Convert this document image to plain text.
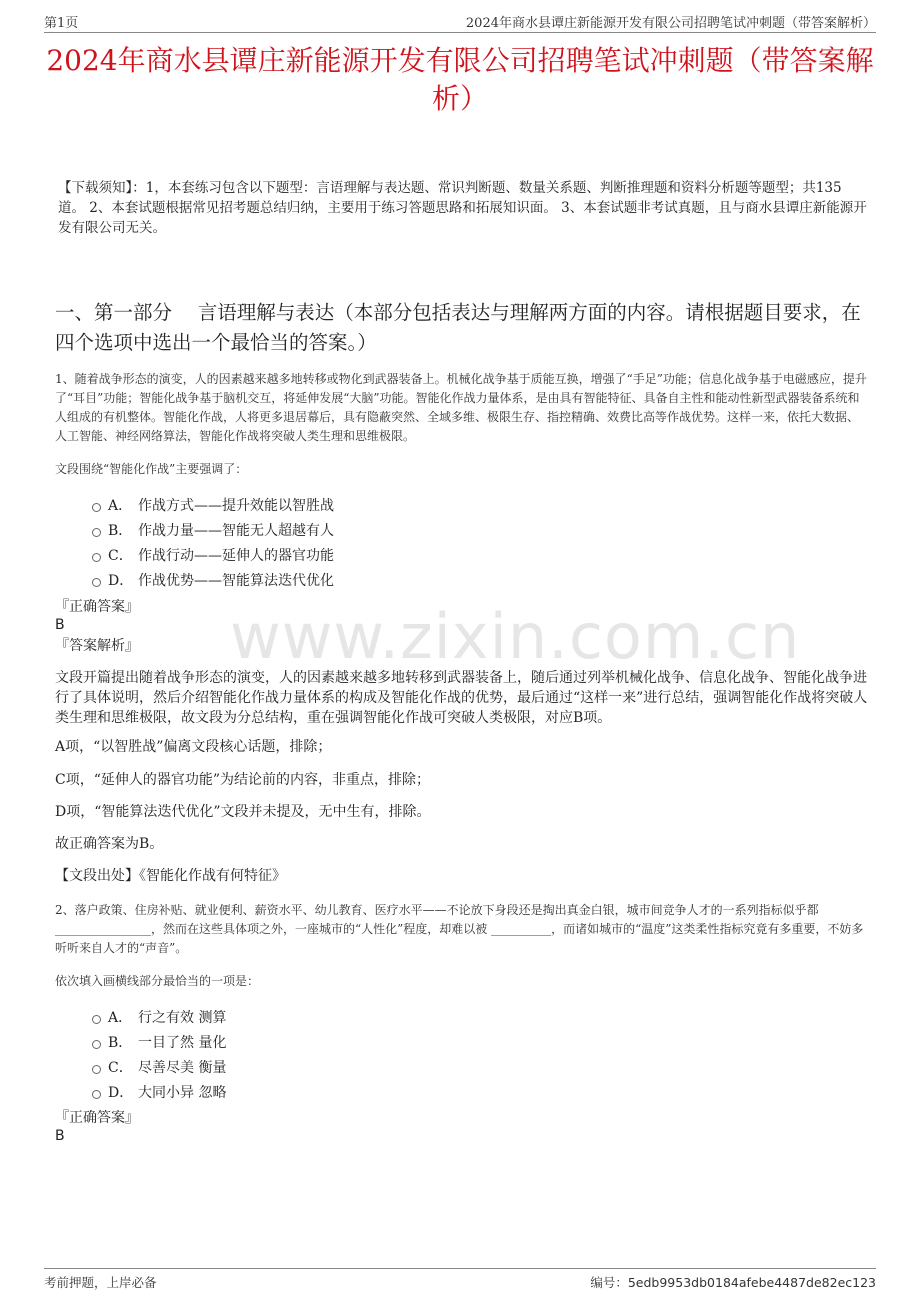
第1页	2024年商水县谭庄新能源开发有限公司招聘笔试冲刺题（带答案解析）
2024年商水县谭庄新能源开发有限公司招聘笔试冲刺题（带答案解析）
【下载须知】：1，本套练习包含以下题型：言语理解与表达题、常识判断题、数量关系题、判断推理题和资料分析题等题型；共135道。 2、本套试题根据常见招考题总结归纳，主要用于练习答题思路和拓展知识面。 3、本套试题非考试真题，且与商水县谭庄新能源开发有限公司无关。
一、第一部分　 言语理解与表达（本部分包括表达与理解两方面的内容。请根据题目要求，在四个选项中选出一个最恰当的答案。）
www.zixin.com.cn
1、随着战争形态的演变，人的因素越来越多地转移或物化到武器装备上。机械化战争基于质能互换，增强了“手足”功能；信息化战争基于电磁感应，提升了“耳目”功能；智能化战争基于脑机交互，将延伸发展“大脑”功能。智能化作战力量体系，是由具有智能特征、具备自主性和能动性新型武器装备系统和人组成的有机整体。智能化作战，人将更多退居幕后，具有隐蔽突然、全域多维、极限生存、指控精确、效费比高等作战优势。这样一来，依托大数据、人工智能、神经网络算法，智能化作战将突破人类生理和思维极限。
文段围绕“智能化作战”主要强调了：
A． 作战方式——提升效能以智胜战
B． 作战力量——智能无人超越有人
C． 作战行动——延伸人的器官功能
D． 作战优势——智能算法迭代优化
『正确答案』
B
『答案解析』
文段开篇提出随着战争形态的演变，人的因素越来越多地转移到武器装备上，随后通过列举机械化战争、信息化战争、智能化战争进行了具体说明，然后介绍智能化作战力量体系的构成及智能化作战的优势，最后通过“这样一来”进行总结，强调智能化作战将突破人类生理和思维极限，故文段为分总结构，重在强调智能化作战可突破人类极限，对应B项。
A项，“以智胜战”偏离文段核心话题，排除；
C项，“延伸人的器官功能”为结论前的内容，非重点，排除；
D项，“智能算法迭代优化”文段并未提及，无中生有，排除。
故正确答案为B。
【文段出处】《智能化作战有何特征》
2、落户政策、住房补贴、就业便利、薪资水平、幼儿教育、医疗水平——不论放下身段还是掏出真金白银，城市间竞争人才的一系列指标似乎都 ________________，然而在这些具体项之外，一座城市的“人性化”程度，却难以被 __________，而诸如城市的“温度”这类柔性指标究竟有多重要，不妨多听听来自人才的“声音”。
依次填入画横线部分最恰当的一项是：
A． 行之有效 测算
B． 一目了然 量化
C． 尽善尽美 衡量
D． 大同小异 忽略
『正确答案』
B
考前押题，上岸必备	编号：5edb9953db0184afebe4487de82ec123
